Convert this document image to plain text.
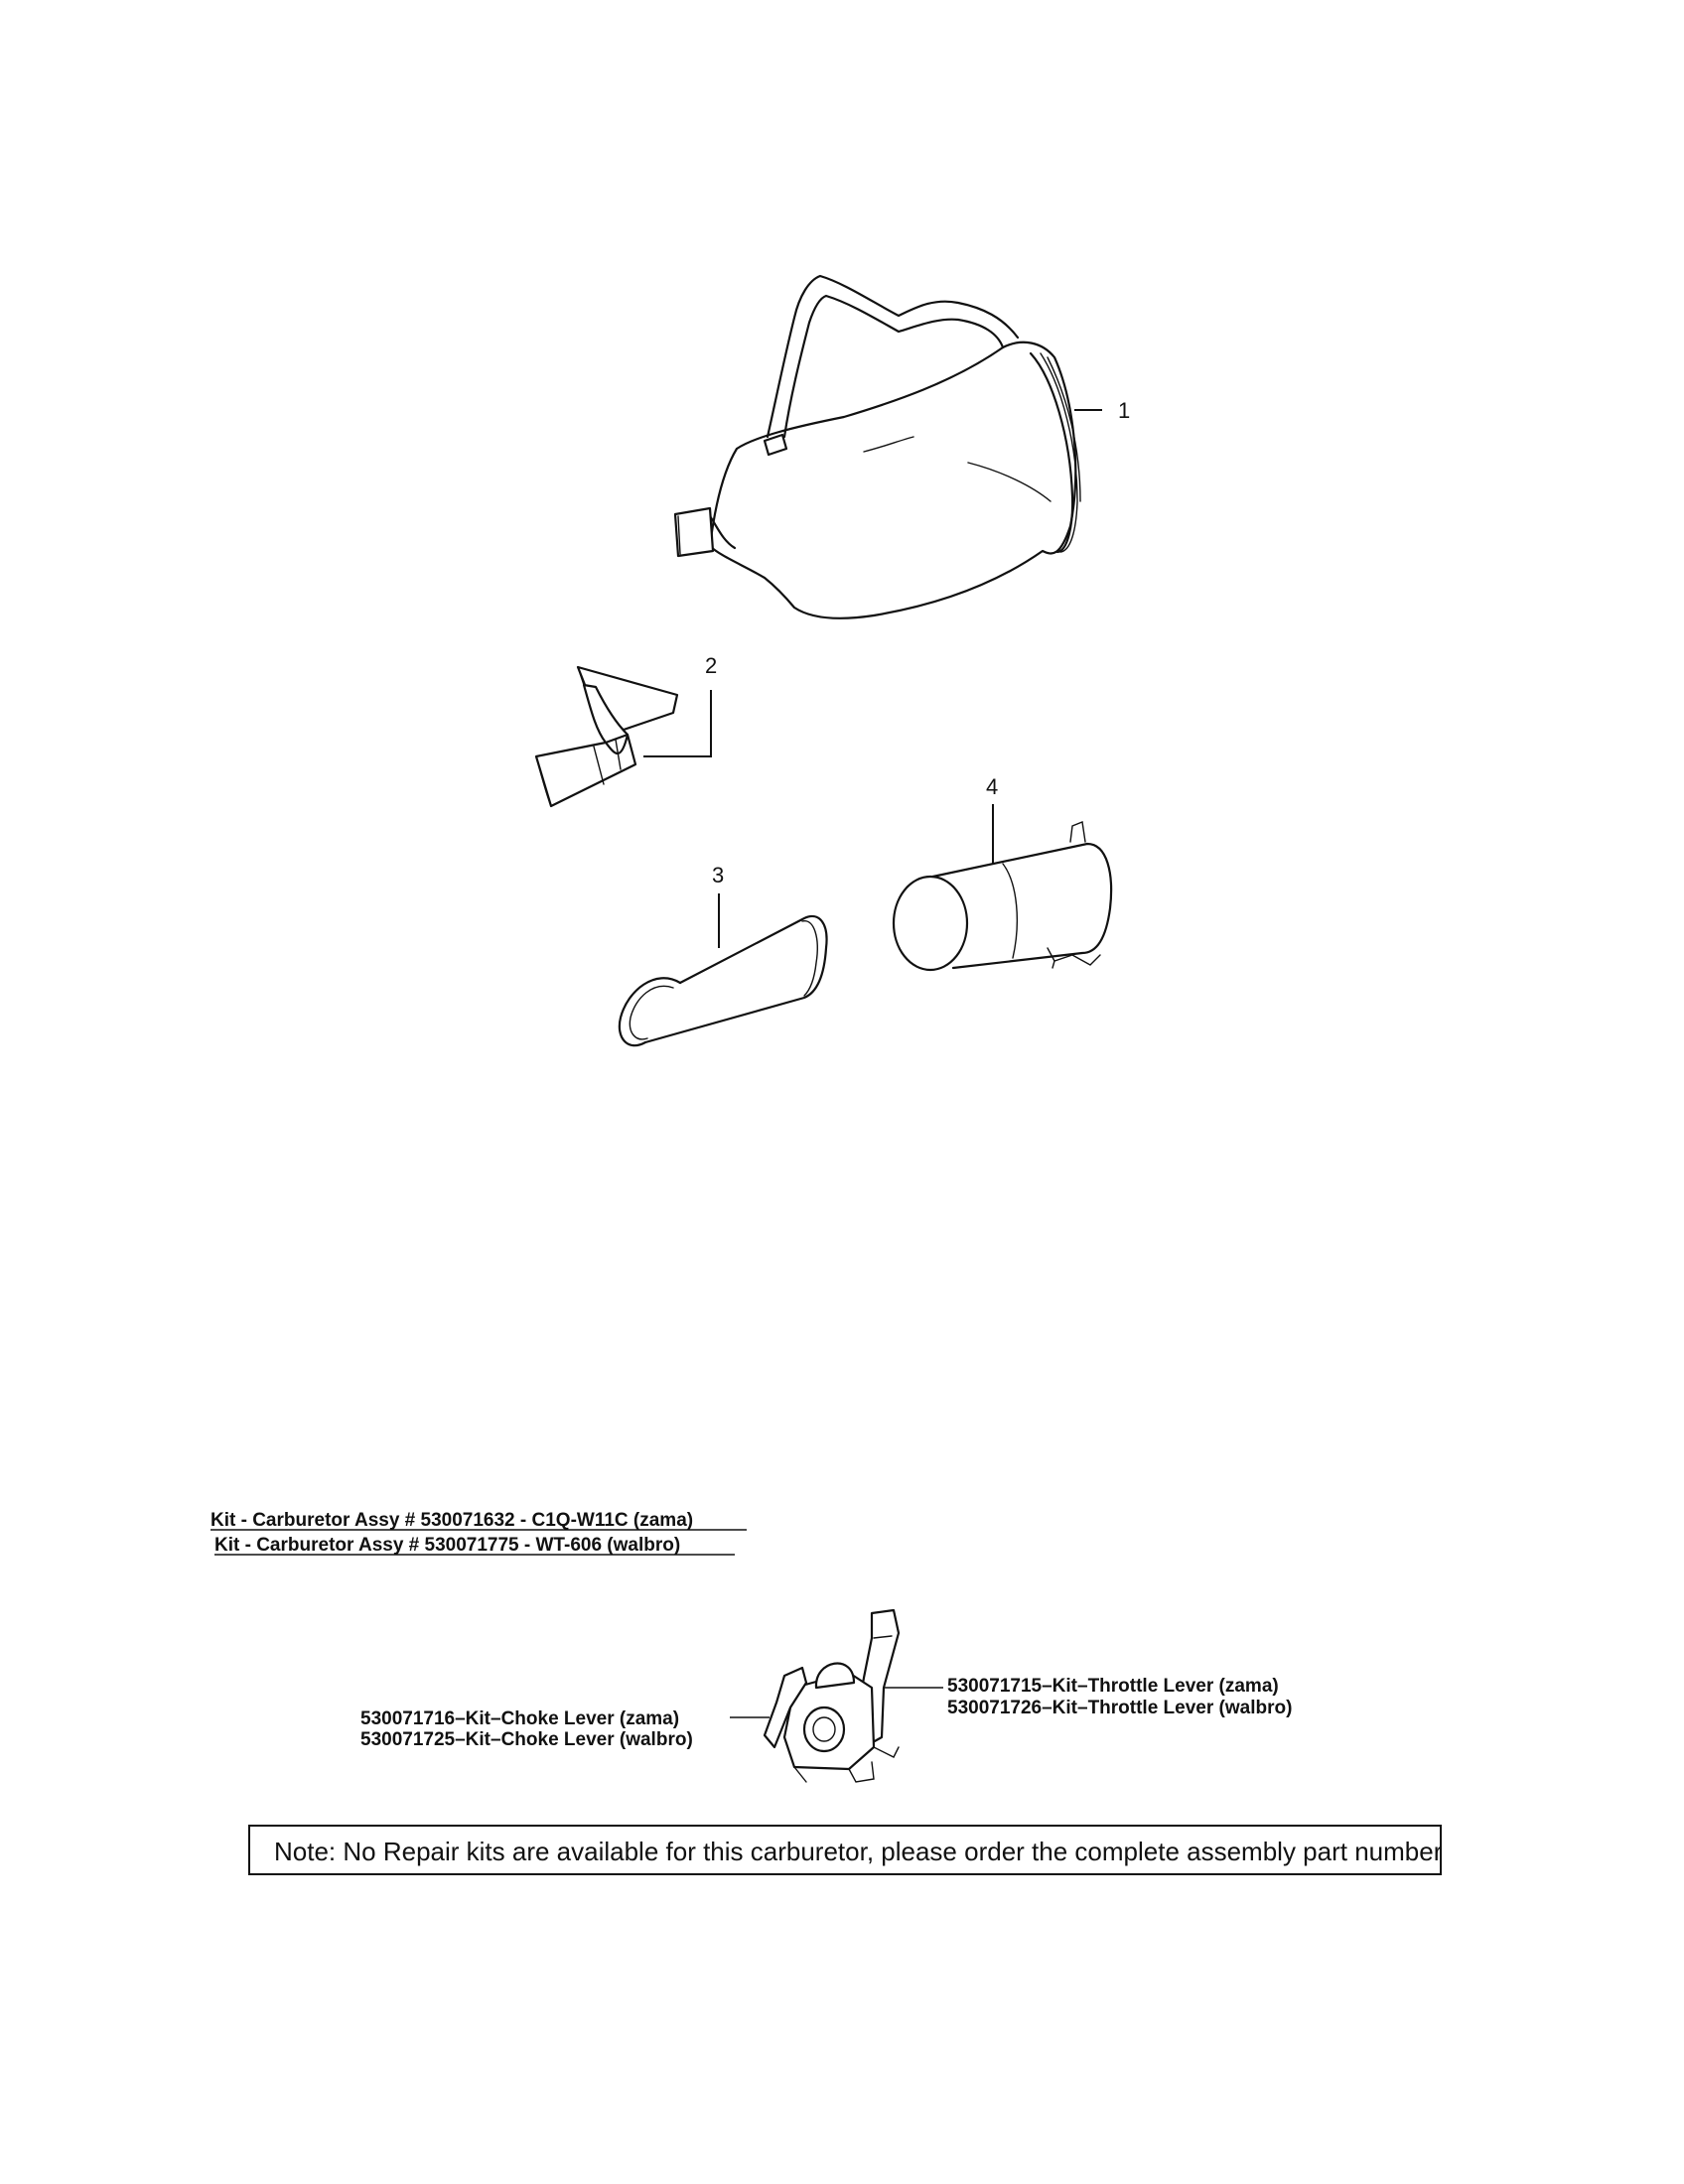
1
2
3
4
Kit - Carburetor Assy # 530071632 - C1Q-W11C (zama)
Kit - Carburetor Assy # 530071775 - WT-606 (walbro)
530071715–Kit–Throttle Lever (zama)
530071726–Kit–Throttle Lever (walbro)
530071716–Kit–Choke Lever (zama)
530071725–Kit–Choke Lever (walbro)
Note: No Repair kits are available for this carburetor, please order the complete assembly part number
